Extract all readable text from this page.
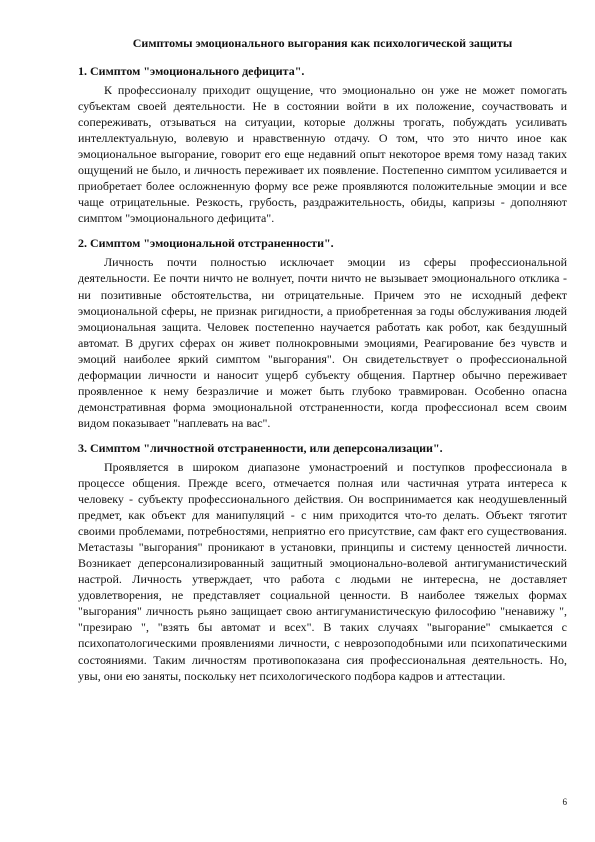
Симптомы эмоционального выгорания как психологической защиты
1. Симптом "эмоционального дефицита".

К профессионалу приходит ощущение, что эмоционально он уже не может помогать субъектам своей деятельности. Не в состоянии войти в их положение, соучаствовать и сопереживать, отзываться на ситуации, которые должны трогать, побуждать усиливать интеллектуальную, волевую и нравственную отдачу. О том, что это ничто иное как эмоциональное выгорание, говорит его еще недавний опыт некоторое время тому назад таких ощущений не было, и личность переживает их появление. Постепенно симптом усиливается и приобретает более осложненную форму все реже проявляются положительные эмоции и все чаще отрицательные. Резкость, грубость, раздражительность, обиды, капризы - дополняют симптом "эмоционального дефицита".

2. Симптом "эмоциональной отстраненности".

Личность почти полностью исключает эмоции из сферы профессиональной деятельности. Ее почти ничто не волнует, почти ничто не вызывает эмоционального отклика - ни позитивные обстоятельства, ни отрицательные. Причем это не исходный дефект эмоциональной сферы, не признак ригидности, а приобретенная за годы обслуживания людей эмоциональная защита. Человек постепенно научается работать как робот, как бездушный автомат. В других сферах он живет полнокровными эмоциями, Реагирование без чувств и эмоций наиболее яркий симптом "выгорания". Он свидетельствует о профессиональной деформации личности и наносит ущерб субъекту общения. Партнер обычно переживает проявленное к нему безразличие и может быть глубоко травмирован. Особенно опасна демонстративная форма эмоциональной отстраненности, когда профессионал всем своим видом показывает "наплевать на вас".

3. Симптом "личностной отстраненности, или деперсонализации".

Проявляется в широком диапазоне умонастроений и поступков профессионала в процессе общения. Прежде всего, отмечается полная или частичная утрата интереса к человеку - субъекту профессионального действия. Он воспринимается как неодушевленный предмет, как объект для манипуляций - с ним приходится что-то делать. Объект тяготит своими проблемами, потребностями, неприятно его присутствие, сам факт его существования. Метастазы "выгорания" проникают в установки, принципы и систему ценностей личности. Возникает деперсонализированный защитный эмоционально-волевой антигуманистический настрой. Личность утверждает, что работа с людьми не интересна, не доставляет удовлетворения, не представляет социальной ценности. В наиболее тяжелых формах "выгорания" личность рьяно защищает свою антигуманистическую философию "ненавижу ", "презираю ", "взять бы автомат и всех". В таких случаях "выгорание" смыкается с психопатологическими проявлениями личности, с неврозоподобными или психопатическими состояниями. Таким личностям противопоказана сия профессиональная деятельность. Но, увы, они ею заняты, поскольку нет психологического подбора кадров и аттестации.

6
